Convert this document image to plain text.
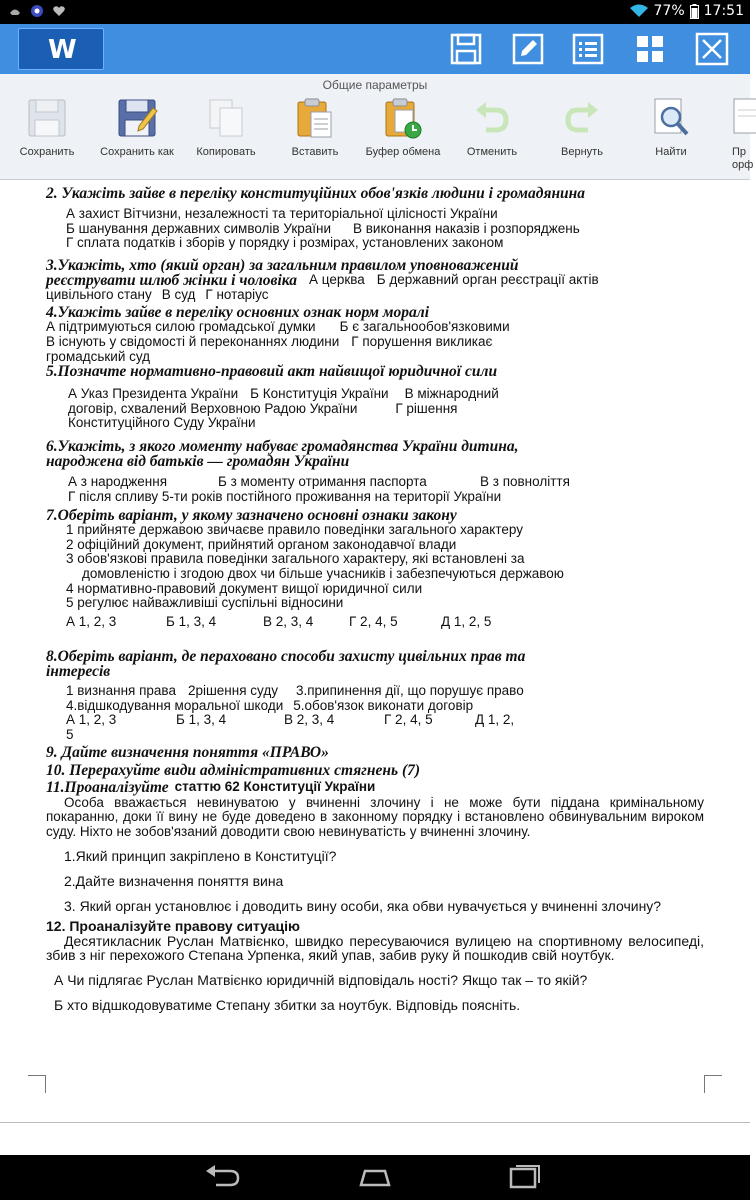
77% 17:51
W
Общие параметры
Сохранить	Сохранить как	Копировать	Вставить	Буфер обмена	Отменить	Вернуть	Найти	Пр орф
2. Укажіть зайве в переліку конституційних обов'язків людини і громадянина
А захист Вітчизни, незалежності та територіальної цілісності України
Б шанування державних символів України В виконання наказів і розпоряджень
Г сплата податків і зборів у порядку і розмірах, установлених законом
3.Укажіть, хто (який орган) за загальним правилом уповноважений
реєструвати шлюб жінки і чоловіка А церква Б державний орган реєстрації актів
цивільного стану В суд Г нотаріус
4.Укажіть зайве в переліку основних ознак норм моралі
А підтримуються силою громадської думки Б є загальнообов'язковими
В існують у свідомості й переконаннях людини Г порушення викликає
громадський суд
5.Позначте нормативно-правовий акт найвищої юридичної сили
А Указ Президента України Б Конституція України В міжнародний
договір, схвалений Верховною Радою України	Г рішення
Конституційного Суду України
6.Укажіть, з якого моменту набуває громадянства України дитина,
народжена від батьків — громадян України
А з народження	Б з моменту отримання паспорта	В з повноліття
Г після спливу 5-ти років постійного проживання на території України
7.Оберіть варіант, у якому зазначено основні ознаки закону
1 прийняте державою звичаєве правило поведінки загального характеру
2 офіційний документ, прийнятий органом законодавчої влади
3 обов'язкові правила поведінки загального характеру, які встановлені за
домовленістю і згодою двох чи більше учасників і забезпечуються державою
4 нормативно-правовий документ вищої юридичної сили
5 регулює найважливіші суспільні відносини
А 1, 2, 3	Б 1, 3, 4	В 2, 3, 4	Г 2, 4, 5	Д 1, 2, 5
8.Оберіть варіант, де пераховано способи захисту цивільних прав та
інтересів
1 визнання права 2рішення суду 3.припинення дії, що порушує право
4.відшкодування моральної шкоди 5.обов'язок виконати договір
А 1, 2, 3	Б 1, 3, 4	В 2, 3, 4	Г 2, 4, 5	Д 1, 2,
5
9. Дайте визначення поняття «ПРАВО»
10. Перерахуйте види адміністративних стягнень (7)
11.Проаналізуйте статтю 62 Конституції України
Особа вважається невинуватою у вчиненні злочину і не може бути піддана кримінальному покаранню, доки її вину не буде доведено в законному порядку і встановлено обвинувальним вироком суду. Ніхто не зобов'язаний доводити свою невинуватість у вчиненні злочину.
1.Який принцип закріплено в Конституції?
2.Дайте визначення поняття вина
3. Який орган установлює і доводить вину особи, яка обви нувачується у вчиненні злочину?
12. Проаналізуйте правову ситуацію
Десятикласник Руслан Матвієнко, швидко пересуваючися вулицею на спортивному велосипеді, збив з ніг перехожого Степана Урпенка, який упав, забив руку й пошкодив свій ноутбук.
А Чи підлягає Руслан Матвієнко юридичній відповідаль ності? Якщо так – то якій?
Б хто відшкодовуватиме Степану збитки за ноутбук. Відповідь поясніть.
